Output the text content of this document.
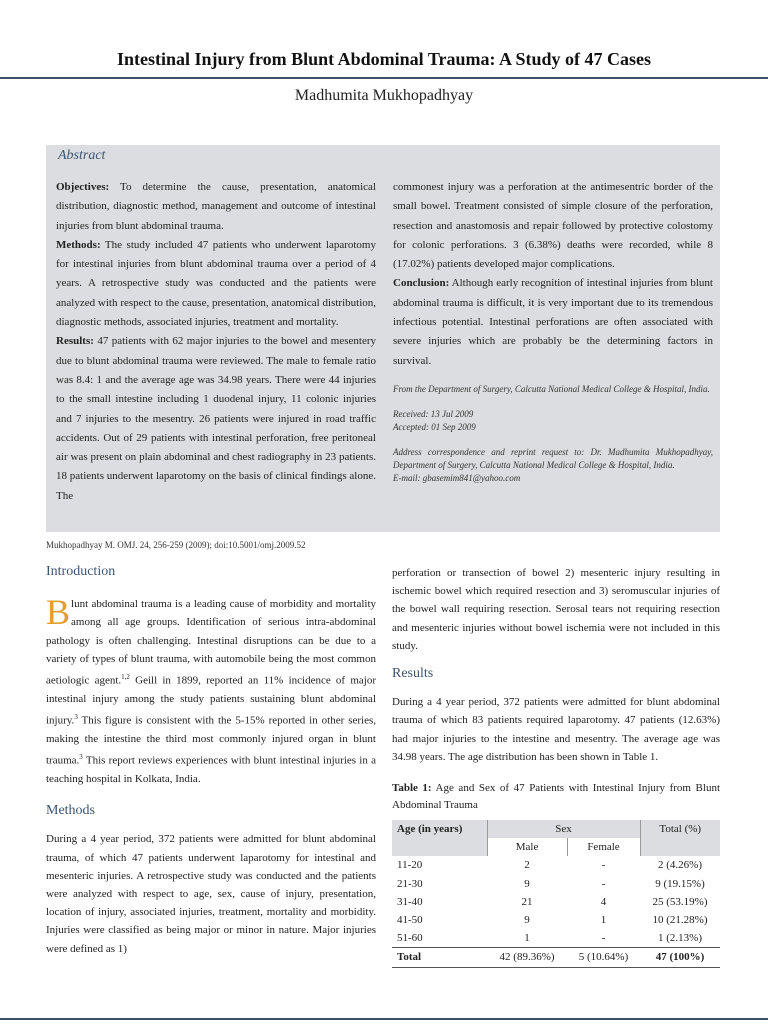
Intestinal Injury from Blunt Abdominal Trauma: A Study of 47 Cases
Madhumita Mukhopadhyay
Abstract

Objectives: To determine the cause, presentation, anatomical distribution, diagnostic method, management and outcome of intestinal injuries from blunt abdominal trauma.

Methods: The study included 47 patients who underwent laparotomy for intestinal injuries from blunt abdominal trauma over a period of 4 years. A retrospective study was conducted and the patients were analyzed with respect to the cause, presentation, anatomical distribution, diagnostic methods, associated injuries, treatment and mortality.

Results: 47 patients with 62 major injuries to the bowel and mesentery due to blunt abdominal trauma were reviewed. The male to female ratio was 8.4: 1 and the average age was 34.98 years. There were 44 injuries to the small intestine including 1 duodenal injury, 11 colonic injuries and 7 injuries to the mesentry. 26 patients were injured in road traffic accidents. Out of 29 patients with intestinal perforation, free peritoneal air was present on plain abdominal and chest radiography in 23 patients. 18 patients underwent laparotomy on the basis of clinical findings alone. The

commonest injury was a perforation at the antimesentric border of the small bowel. Treatment consisted of simple closure of the perforation, resection and anastomosis and repair followed by protective colostomy for colonic perforations. 3 (6.38%) deaths were recorded, while 8 (17.02%) patients developed major complications.

Conclusion: Although early recognition of intestinal injuries from blunt abdominal trauma is difficult, it is very important due to its tremendous infectious potential. Intestinal perforations are often associated with severe injuries which are probably be the determining factors in survival.

From the Department of Surgery, Calcutta National Medical College & Hospital, India.

Received: 13 Jul 2009

Accepted: 01 Sep 2009

Address correspondence and reprint request to: Dr. Madhumita Mukhopadhyay, Department of Surgery, Calcutta National Medical College & Hospital, India.

E-mail: gbasemim841@yahoo.com

Mukhopadhyay M. OMJ. 24, 256-259 (2009); doi:10.5001/omj.2009.52
Introduction

Blunt abdominal trauma is a leading cause of morbidity and mortality among all age groups. Identification of serious intra-abdominal pathology is often challenging. Intestinal disruptions can be due to a variety of types of blunt trauma, with automobile being the most common aetiologic agent.$^{1,2}$ Geill in 1899, reported an 11% incidence of major intestinal injury among the study patients sustaining blunt abdominal injury.$^3$ This figure is consistent with the 5-15% reported in other series, making the intestine the third most commonly injured organ in blunt trauma.$^3$ This report reviews experiences with blunt intestinal injuries in a teaching hospital in Kolkata, India.

Methods

During a 4 year period, 372 patients were admitted for blunt abdominal trauma, of which 47 patients underwent laparotomy for intestinal and mesenteric injuries. A retrospective study was conducted and the patients were analyzed with respect to age, sex, cause of injury, presentation, location of injury, associated injuries, treatment, mortality and morbidity. Injuries were classified as being major or minor in nature. Major injuries were defined as 1)

perforation or transection of bowel 2) mesenteric injury resulting in ischemic bowel which required resection and 3) seromuscular injuries of the bowel wall requiring resection. Serosal tears not requiring resection and mesenteric injuries without bowel ischemia were not included in this study.

Results

During a 4 year period, 372 patients were admitted for blunt abdominal trauma of which 83 patients required laparotomy. 47 patients (12.63%) had major injuries to the intestine and mesentry. The average age was 34.98 years. The age distribution has been shown in Table 1.

Table 1: Age and Sex of 47 Patients with Intestinal Injury from Blunt Abdominal Trauma
Age (in years)	Sex		Total (%)
	Male	Female	
11-20	2	-	2 (4.26%)
21-30	9	-	9 (19.15%)
31-40	21	4	25 (53.19%)
41-50	9	1	10 (21.28%)
51-60	1	-	1 (2.13%)
Total	42 (89.36%)	5 (10.64%)	47 (100%)
